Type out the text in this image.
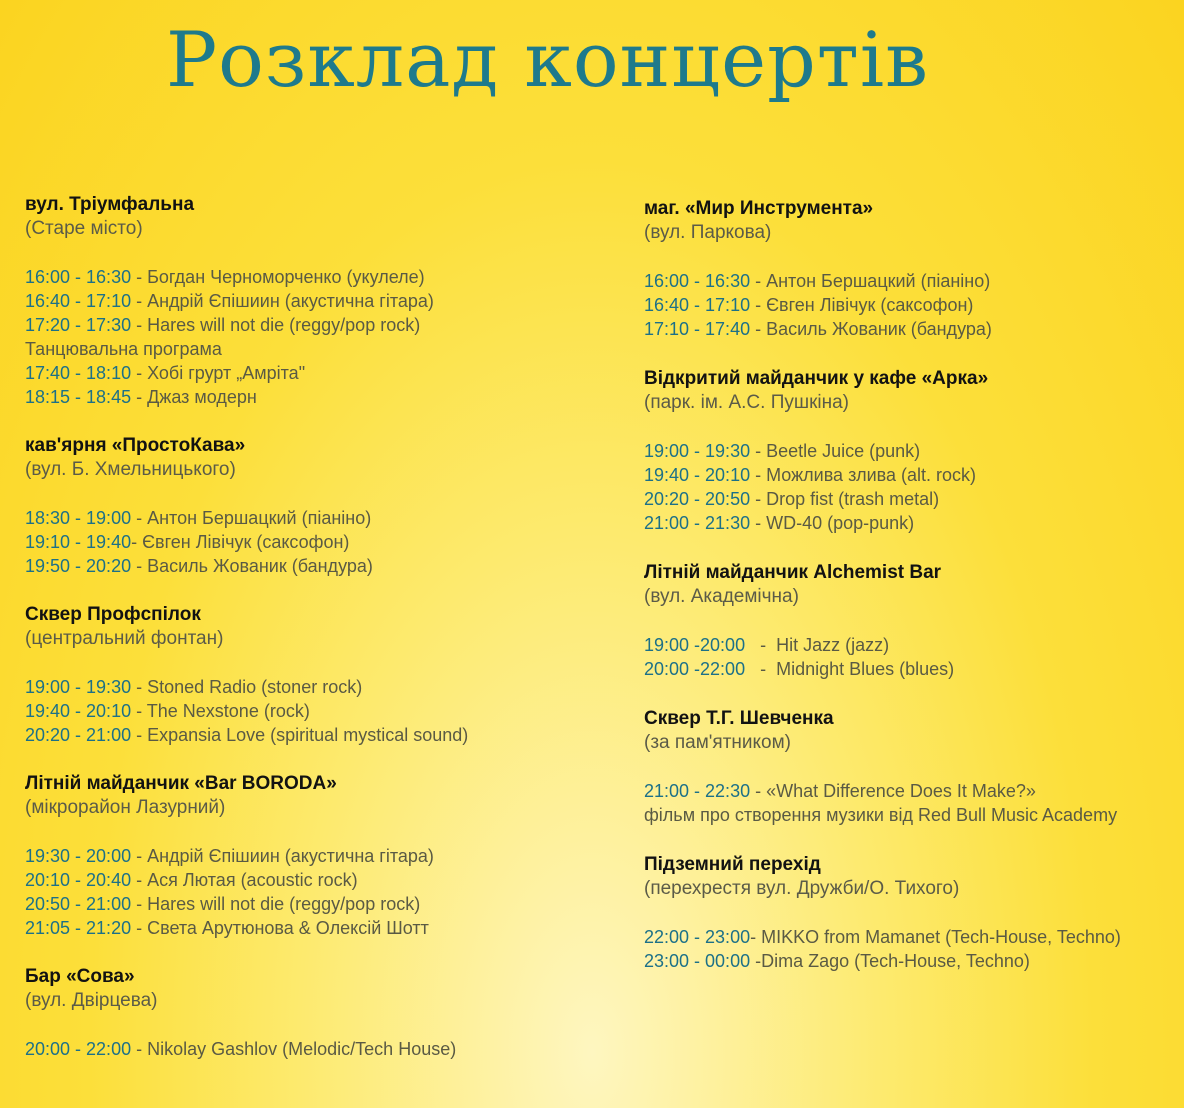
Розклад концертів
вул. Тріумфальна
(Старе місто)
16:00 - 16:30 - Богдан Черноморченко (укулеле)
16:40 - 17:10 - Андрій Єпішиин (акустична гітара)
17:20 - 17:30 - Hares will not die (reggy/pop rock)
Танцювальна програма
17:40 - 18:10 - Хобі грурт „Амріта"
18:15 - 18:45 - Джаз модерн
кав'ярня «ПростоКава»
(вул. Б. Хмельницького)
18:30 - 19:00 - Антон Бершацкий (піаніно)
19:10 - 19:40- Євген Лівічук (саксофон)
19:50 - 20:20 - Василь Жованик (бандура)
Сквер Профспілок
(центральний фонтан)
19:00 - 19:30 - Stoned Radio (stoner rock)
19:40 - 20:10 - The Nexstone (rock)
20:20 - 21:00 - Expansia Love (spiritual mystical sound)
Літній майданчик «Bar BORODA»
(мікрорайон Лазурний)
19:30 - 20:00 - Андрій Єпішиин (акустична гітара)
20:10 - 20:40 - Ася Лютая (acoustic rock)
20:50 - 21:00 - Hares will not die (reggy/pop rock)
21:05 - 21:20 - Света Арутюнова & Олексій Шотт
Бар «Сова»
(вул. Двірцева)
20:00 - 22:00 - Nikolay Gashlov (Melodic/Tech House)
маг. «Мир Инструмента»
(вул. Паркова)
16:00 - 16:30 - Антон Бершацкий (піаніно)
16:40 - 17:10 - Євген Лівічук (саксофон)
17:10 - 17:40 - Василь Жованик (бандура)
Відкритий майданчик у кафе «Арка»
(парк. ім. А.С. Пушкіна)
19:00 - 19:30 - Beetle Juice (punk)
19:40 - 20:10 - Можлива злива (alt. rock)
20:20 - 20:50 - Drop fist (trash metal)
21:00 - 21:30 - WD-40 (pop-punk)
Літній майданчик Alchemist Bar
(вул. Академічна)
19:00 -20:00   -  Hit Jazz (jazz)
20:00 -22:00   -  Midnight Blues (blues)
Сквер Т.Г. Шевченка
(за пам'ятником)
21:00 - 22:30 - «What Difference Does It Make?»
фільм про створення музики від Red Bull Music Academy
Підземний перехід
(перехрестя вул. Дружби/О. Тихого)
22:00 - 23:00- MIKKO from Mamanet (Tech-House, Techno)
23:00 - 00:00 -Dima Zago (Tech-House, Techno)
